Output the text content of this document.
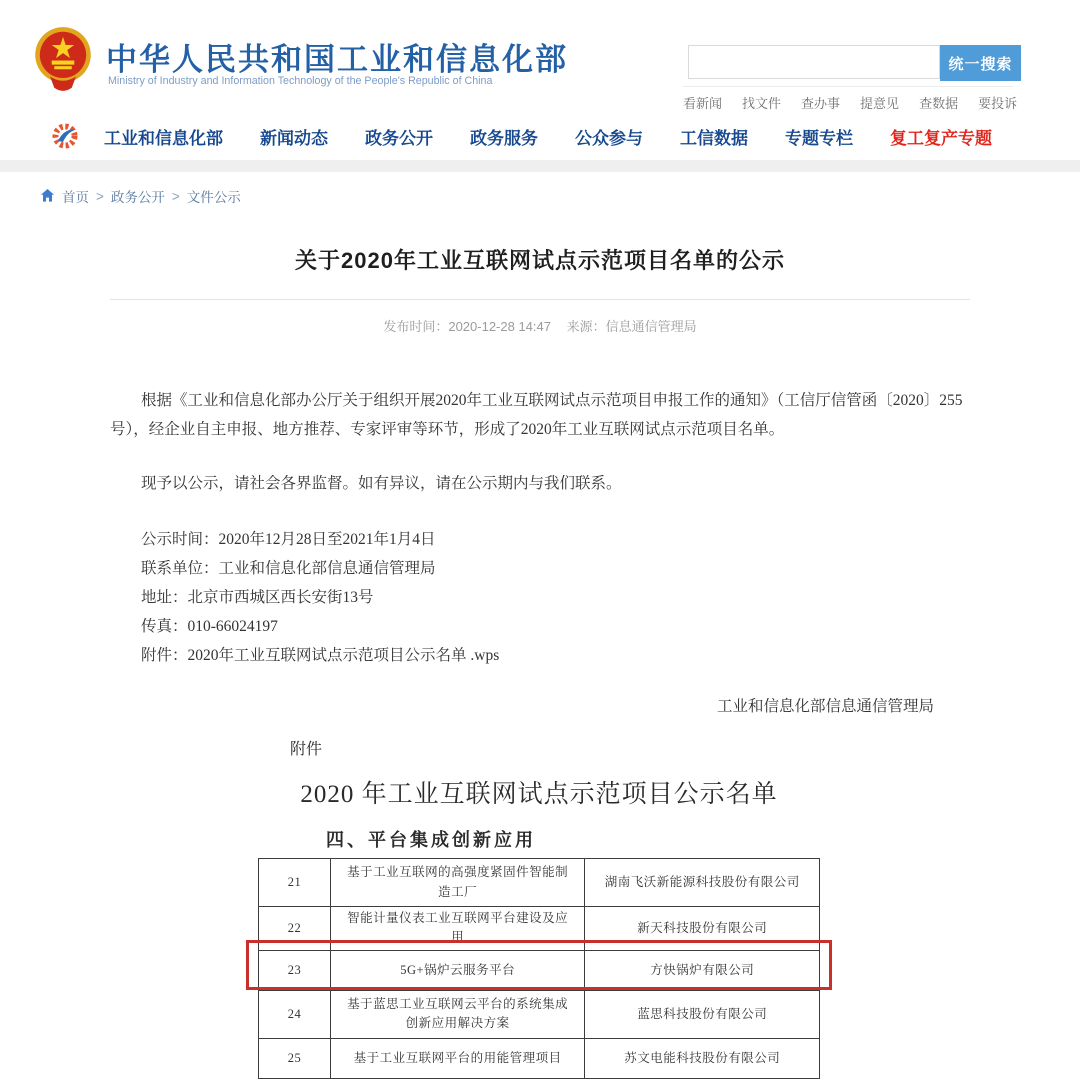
中华人民共和国工业和信息化部
Ministry of Industry and Information Technology of the People's Republic of China
统一搜索
看新闻 找文件 查办事 提意见 查数据 要投诉
工业和信息化部 新闻动态 政务公开 政务服务 公众参与 工信数据 专题专栏 复工复产专题
首页 > 政务公开 > 文件公示
关于2020年工业互联网试点示范项目名单的公示
发布时间：2020-12-28 14:47 来源：信息通信管理局

根据《工业和信息化部办公厅关于组织开展2020年工业互联网试点示范项目申报工作的通知》（工信厅信管函〔2020〕255号），经企业自主申报、地方推荐、专家评审等环节，形成了2020年工业互联网试点示范项目名单。

现予以公示，请社会各界监督。如有异议，请在公示期内与我们联系。

公示时间：2020年12月28日至2021年1月4日
联系单位：工业和信息化部信息通信管理局
地址：北京市西城区西长安街13号
传真：010-66024197
附件：2020年工业互联网试点示范项目公示名单 .wps
工业和信息化部信息通信管理局
附件
2020 年工业互联网试点示范项目公示名单
四、平台集成创新应用
21	基于工业互联网的高强度紧固件智能制造工厂	湖南飞沃新能源科技股份有限公司
22	智能计量仪表工业互联网平台建设及应用	新天科技股份有限公司
23	5G+锅炉云服务平台	方快锅炉有限公司
24	基于蓝思工业互联网云平台的系统集成创新应用解决方案	蓝思科技股份有限公司
25	基于工业互联网平台的用能管理项目	苏文电能科技股份有限公司
